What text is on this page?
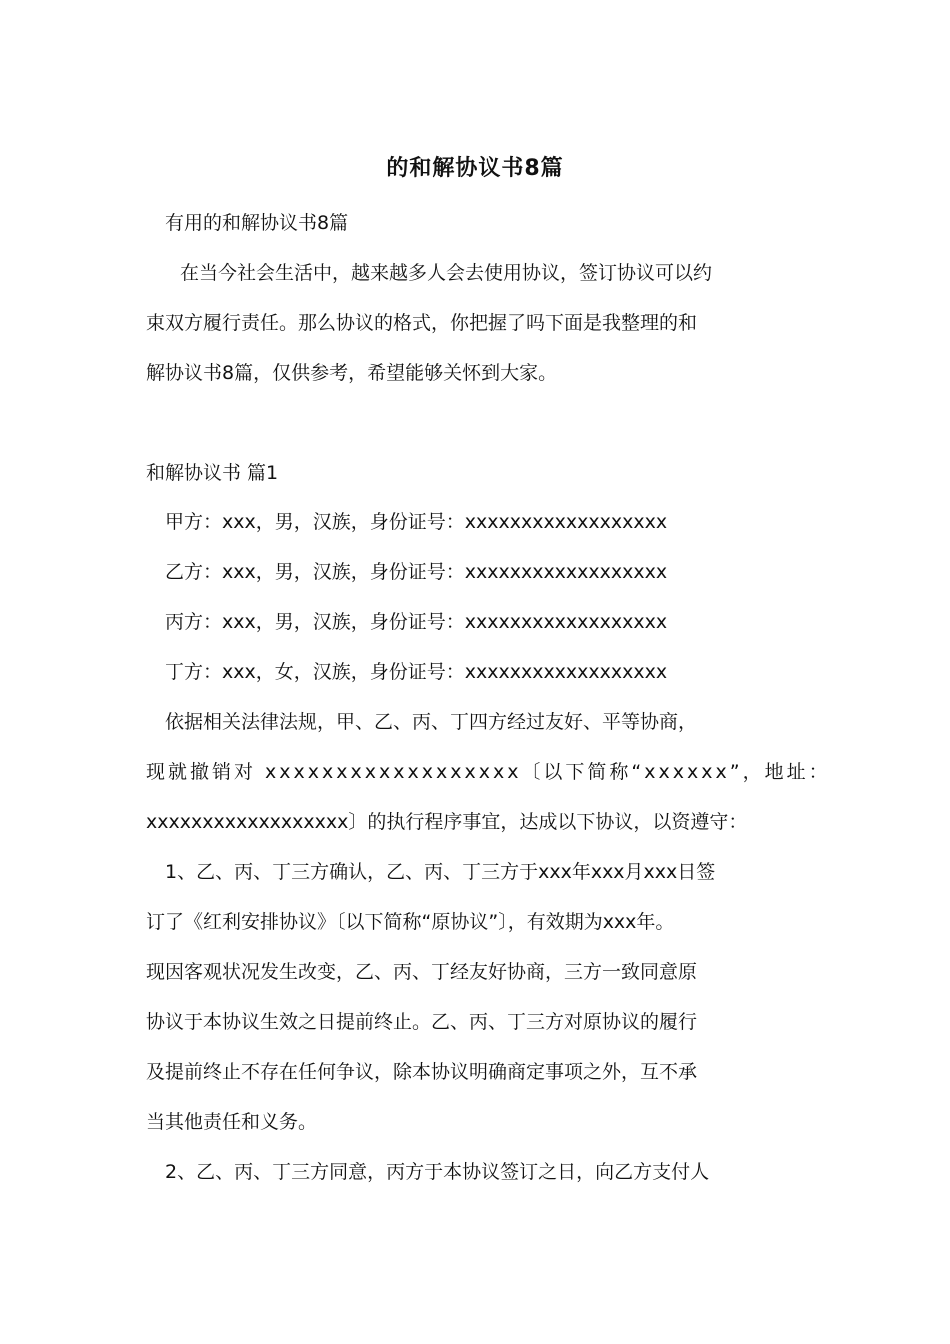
的和解协议书8篇
有用的和解协议书8篇
在当今社会生活中，越来越多人会去使用协议，签订协议可以约
束双方履行责任。那么协议的格式，你把握了吗下面是我整理的和
解协议书8篇，仅供参考，希望能够关怀到大家。
和解协议书 篇1
甲方：xxx，男，汉族，身份证号：xxxxxxxxxxxxxxxxxx
乙方：xxx，男，汉族，身份证号：xxxxxxxxxxxxxxxxxx
丙方：xxx，男，汉族，身份证号：xxxxxxxxxxxxxxxxxx
丁方：xxx，女，汉族，身份证号：xxxxxxxxxxxxxxxxxx
依据相关法律法规，甲、乙、丙、丁四方经过友好、平等协商，
现就撤销对 xxxxxxxxxxxxxxxxxx〔以下简称“xxxxxx”，地址：
xxxxxxxxxxxxxxxxxx〕的执行程序事宜，达成以下协议，以资遵守：
1、乙、丙、丁三方确认，乙、丙、丁三方于xxx年xxx月xxx日签
订了《红利安排协议》〔以下简称“原协议”〕，有效期为xxx年。
现因客观状况发生改变，乙、丙、丁经友好协商，三方一致同意原
协议于本协议生效之日提前终止。乙、丙、丁三方对原协议的履行
及提前终止不存在任何争议，除本协议明确商定事项之外，互不承
当其他责任和义务。
2、乙、丙、丁三方同意，丙方于本协议签订之日，向乙方支付人
